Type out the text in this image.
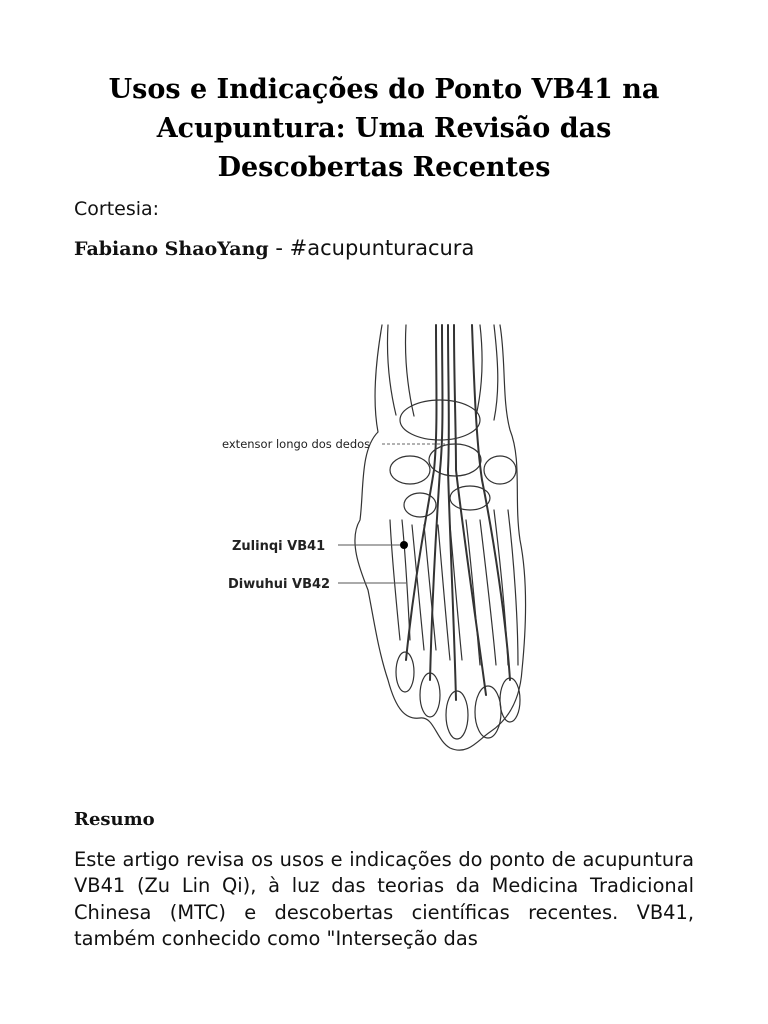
Usos e Indicações do Ponto VB41 na
Acupuntura: Uma Revisão das
Descobertas Recentes

Cortesia:

Fabiano ShaoYang - #acupunturacura

extensor longo dos dedos
Zulinqi VB41
Diwuhui VB42
Resumo

Este artigo revisa os usos e indicações do ponto de acupuntura VB41 (Zu Lin Qi), à luz das teorias da Medicina Tradicional Chinesa (MTC) e descobertas científicas recentes. VB41, também conhecido como "Interseção das
